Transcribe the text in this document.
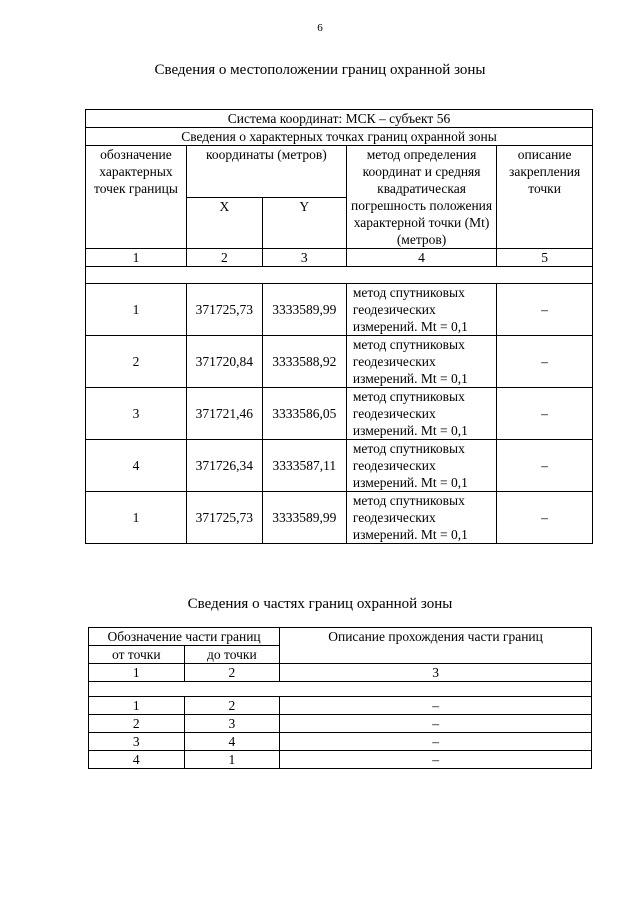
6
Сведения о местоположении границ охранной зоны
Система координат: МСК – субъект 56				
Сведения о характерных точках границ охранной зоны				
обозначение характерных точек границы	координаты (метров)		метод определения координат и средняя квадратическая погрешность положения характерной точки (Mt) (метров)	описание закрепления точки
	X	Y		
1	2	3	4	5

1	371725,73	3333589,99	метод спутниковых геодезических измерений. Mt = 0,1	–
2	371720,84	3333588,92	метод спутниковых геодезических измерений. Mt = 0,1	–
3	371721,46	3333586,05	метод спутниковых геодезических измерений. Mt = 0,1	–
4	371726,34	3333587,11	метод спутниковых геодезических измерений. Mt = 0,1	–
1	371725,73	3333589,99	метод спутниковых геодезических измерений. Mt = 0,1	–
Сведения о частях границ охранной зоны
Обозначение части границ		Описание прохождения части границ
от точки	до точки	
1	2	3

1	2	–
2	3	–
3	4	–
4	1	–
